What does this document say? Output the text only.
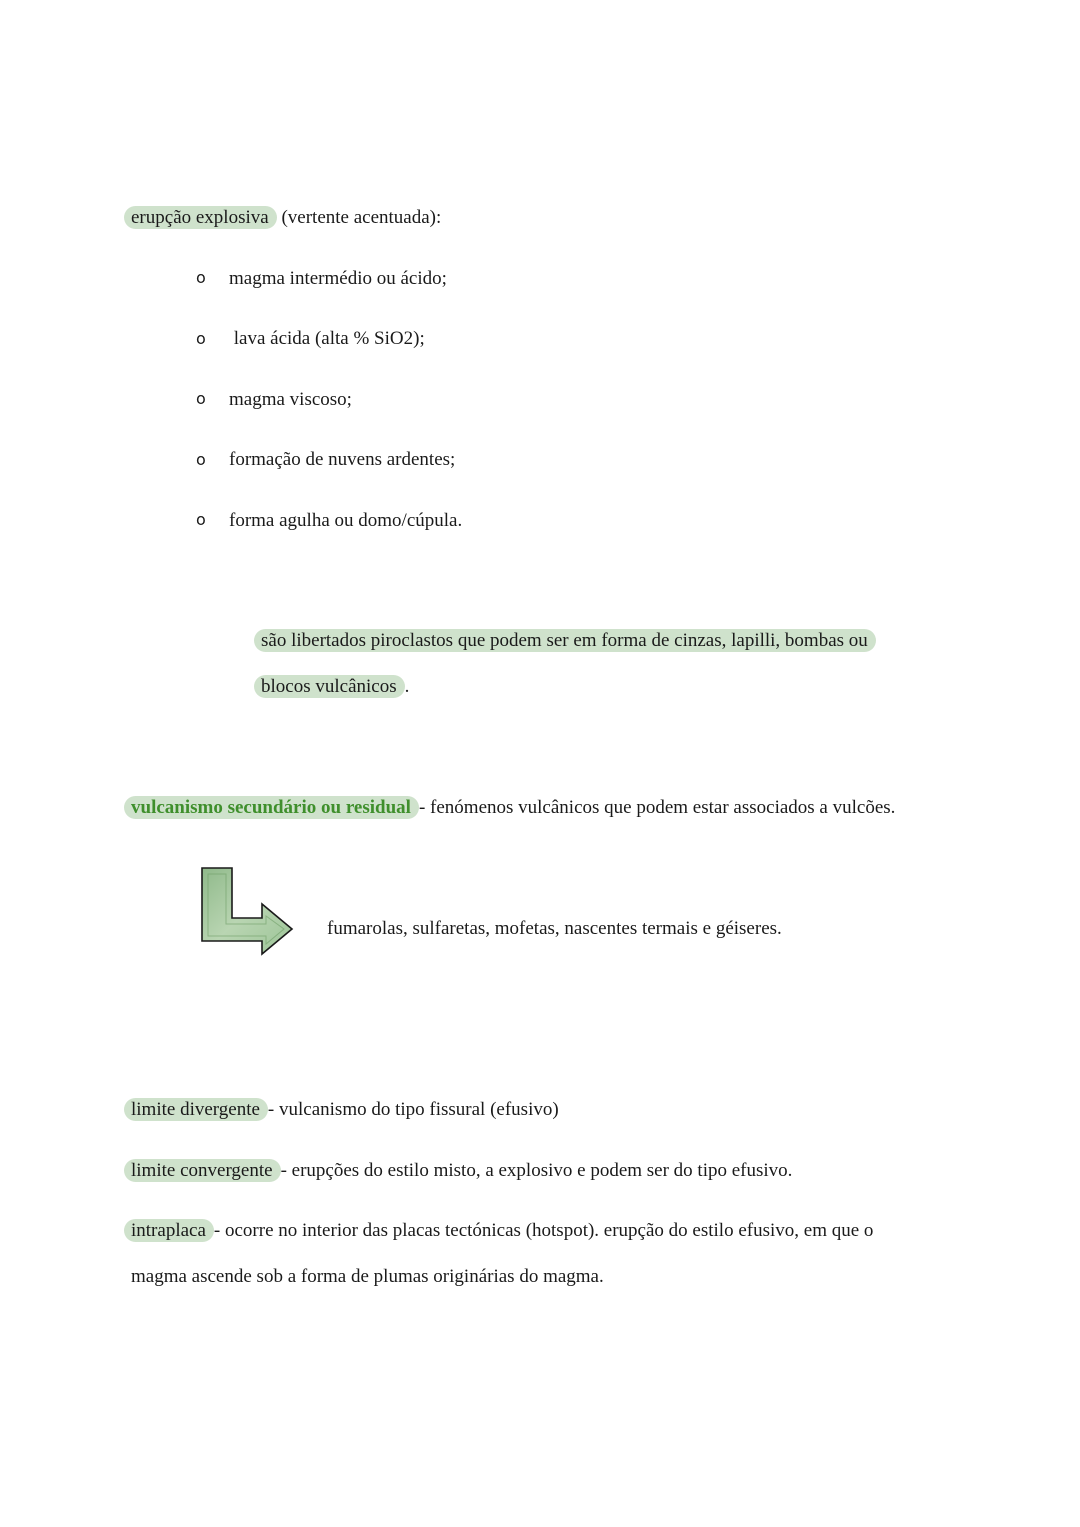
erupção explosiva (vertente acentuada):
o magma intermédio ou ácido;
o lava ácida (alta % SiO2);
o magma viscoso;
o formação de nuvens ardentes;
o forma agulha ou domo/cúpula.
são libertados piroclastos que podem ser em forma de cinzas, lapilli, bombas ou
blocos vulcânicos .
vulcanismo secundário ou residual - fenómenos vulcânicos que podem estar associados a vulcões.
fumarolas, sulfaretas, mofetas, nascentes termais e géiseres.
limite divergente - vulcanismo do tipo fissural (efusivo)
limite convergente - erupções do estilo misto, a explosivo e podem ser do tipo efusivo.
intraplaca - ocorre no interior das placas tectónicas (hotspot). erupção do estilo efusivo, em que o
magma ascende sob a forma de plumas originárias do magma.
